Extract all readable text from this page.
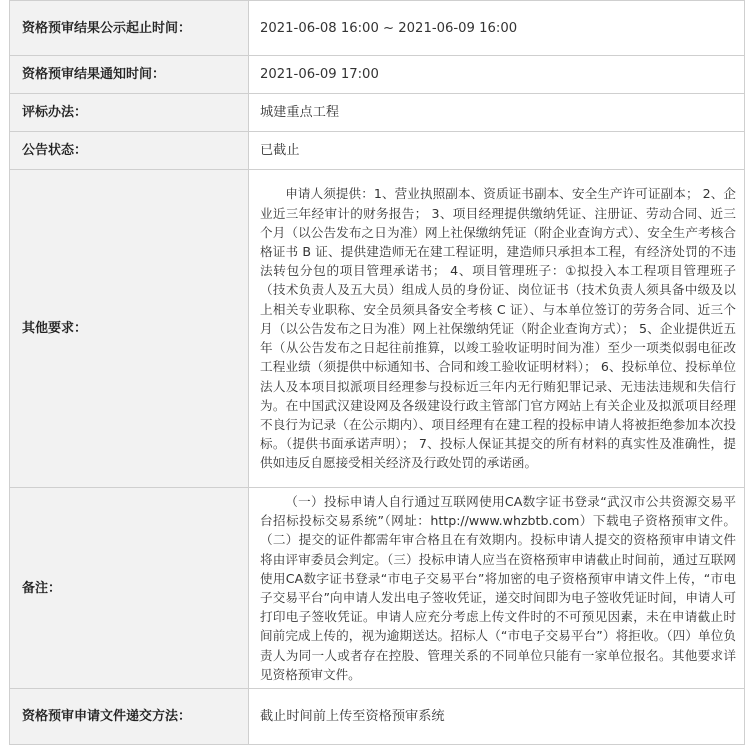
资格预审结果公示起止时间：	2021-06-08 16:00 ~ 2021-06-09 16:00
资格预审结果通知时间：	2021-06-09 17:00
评标办法：	城建重点工程
公告状态：	已截止
其他要求：	申请人须提供：1、营业执照副本、资质证书副本、安全生产许可证副本； 2、企业近三年经审计的财务报告； 3、项目经理提供缴纳凭证、注册证、劳动合同、近三个月（以公告发布之日为准）网上社保缴纳凭证（附企业查询方式）、安全生产考核合格证书 B 证、提供建造师无在建工程证明，建造师只承担本工程，有经济处罚的不违法转包分包的项目管理承诺书； 4、项目管理班子：①拟投入本工程项目管理班子（技术负责人及五大员）组成人员的身份证、岗位证书（技术负责人须具备中级及以上相关专业职称、安全员须具备安全考核 C 证）、与本单位签订的劳务合同、近三个月（以公告发布之日为准）网上社保缴纳凭证（附企业查询方式）； 5、企业提供近五年（从公告发布之日起往前推算，以竣工验收证明时间为准）至少一项类似弱电征改工程业绩（须提供中标通知书、合同和竣工验收证明材料）； 6、投标单位、投标单位法人及本项目拟派项目经理参与投标近三年内无行贿犯罪记录、无违法违规和失信行为。在中国武汉建设网及各级建设行政主管部门官方网站上有关企业及拟派项目经理不良行为记录（在公示期内）、项目经理有在建工程的投标申请人将被拒绝参加本次投标。（提供书面承诺声明）； 7、投标人保证其提交的所有材料的真实性及准确性，提供如违反自愿接受相关经济及行政处罚的承诺函。

备注：	（一）投标申请人自行通过互联网使用CA数字证书登录“武汉市公共资源交易平台招标投标交易系统”（网址：http://www.whzbtb.com）下载电子资格预审文件。（二）提交的证件都需年审合格且在有效期内。投标申请人提交的资格预审申请文件将由评审委员会判定。（三）投标申请人应当在资格预审申请截止时间前，通过互联网使用CA数字证书登录“市电子交易平台”将加密的电子资格预审申请文件上传，“市电子交易平台”向申请人发出电子签收凭证，递交时间即为电子签收凭证时间，申请人可打印电子签收凭证。申请人应充分考虑上传文件时的不可预见因素，未在申请截止时间前完成上传的，视为逾期送达。招标人（“市电子交易平台”）将拒收。（四）单位负责人为同一人或者存在控股、管理关系的不同单位只能有一家单位报名。其他要求详见资格预审文件。

资格预审申请文件递交方法：	截止时间前上传至资格预审系统
